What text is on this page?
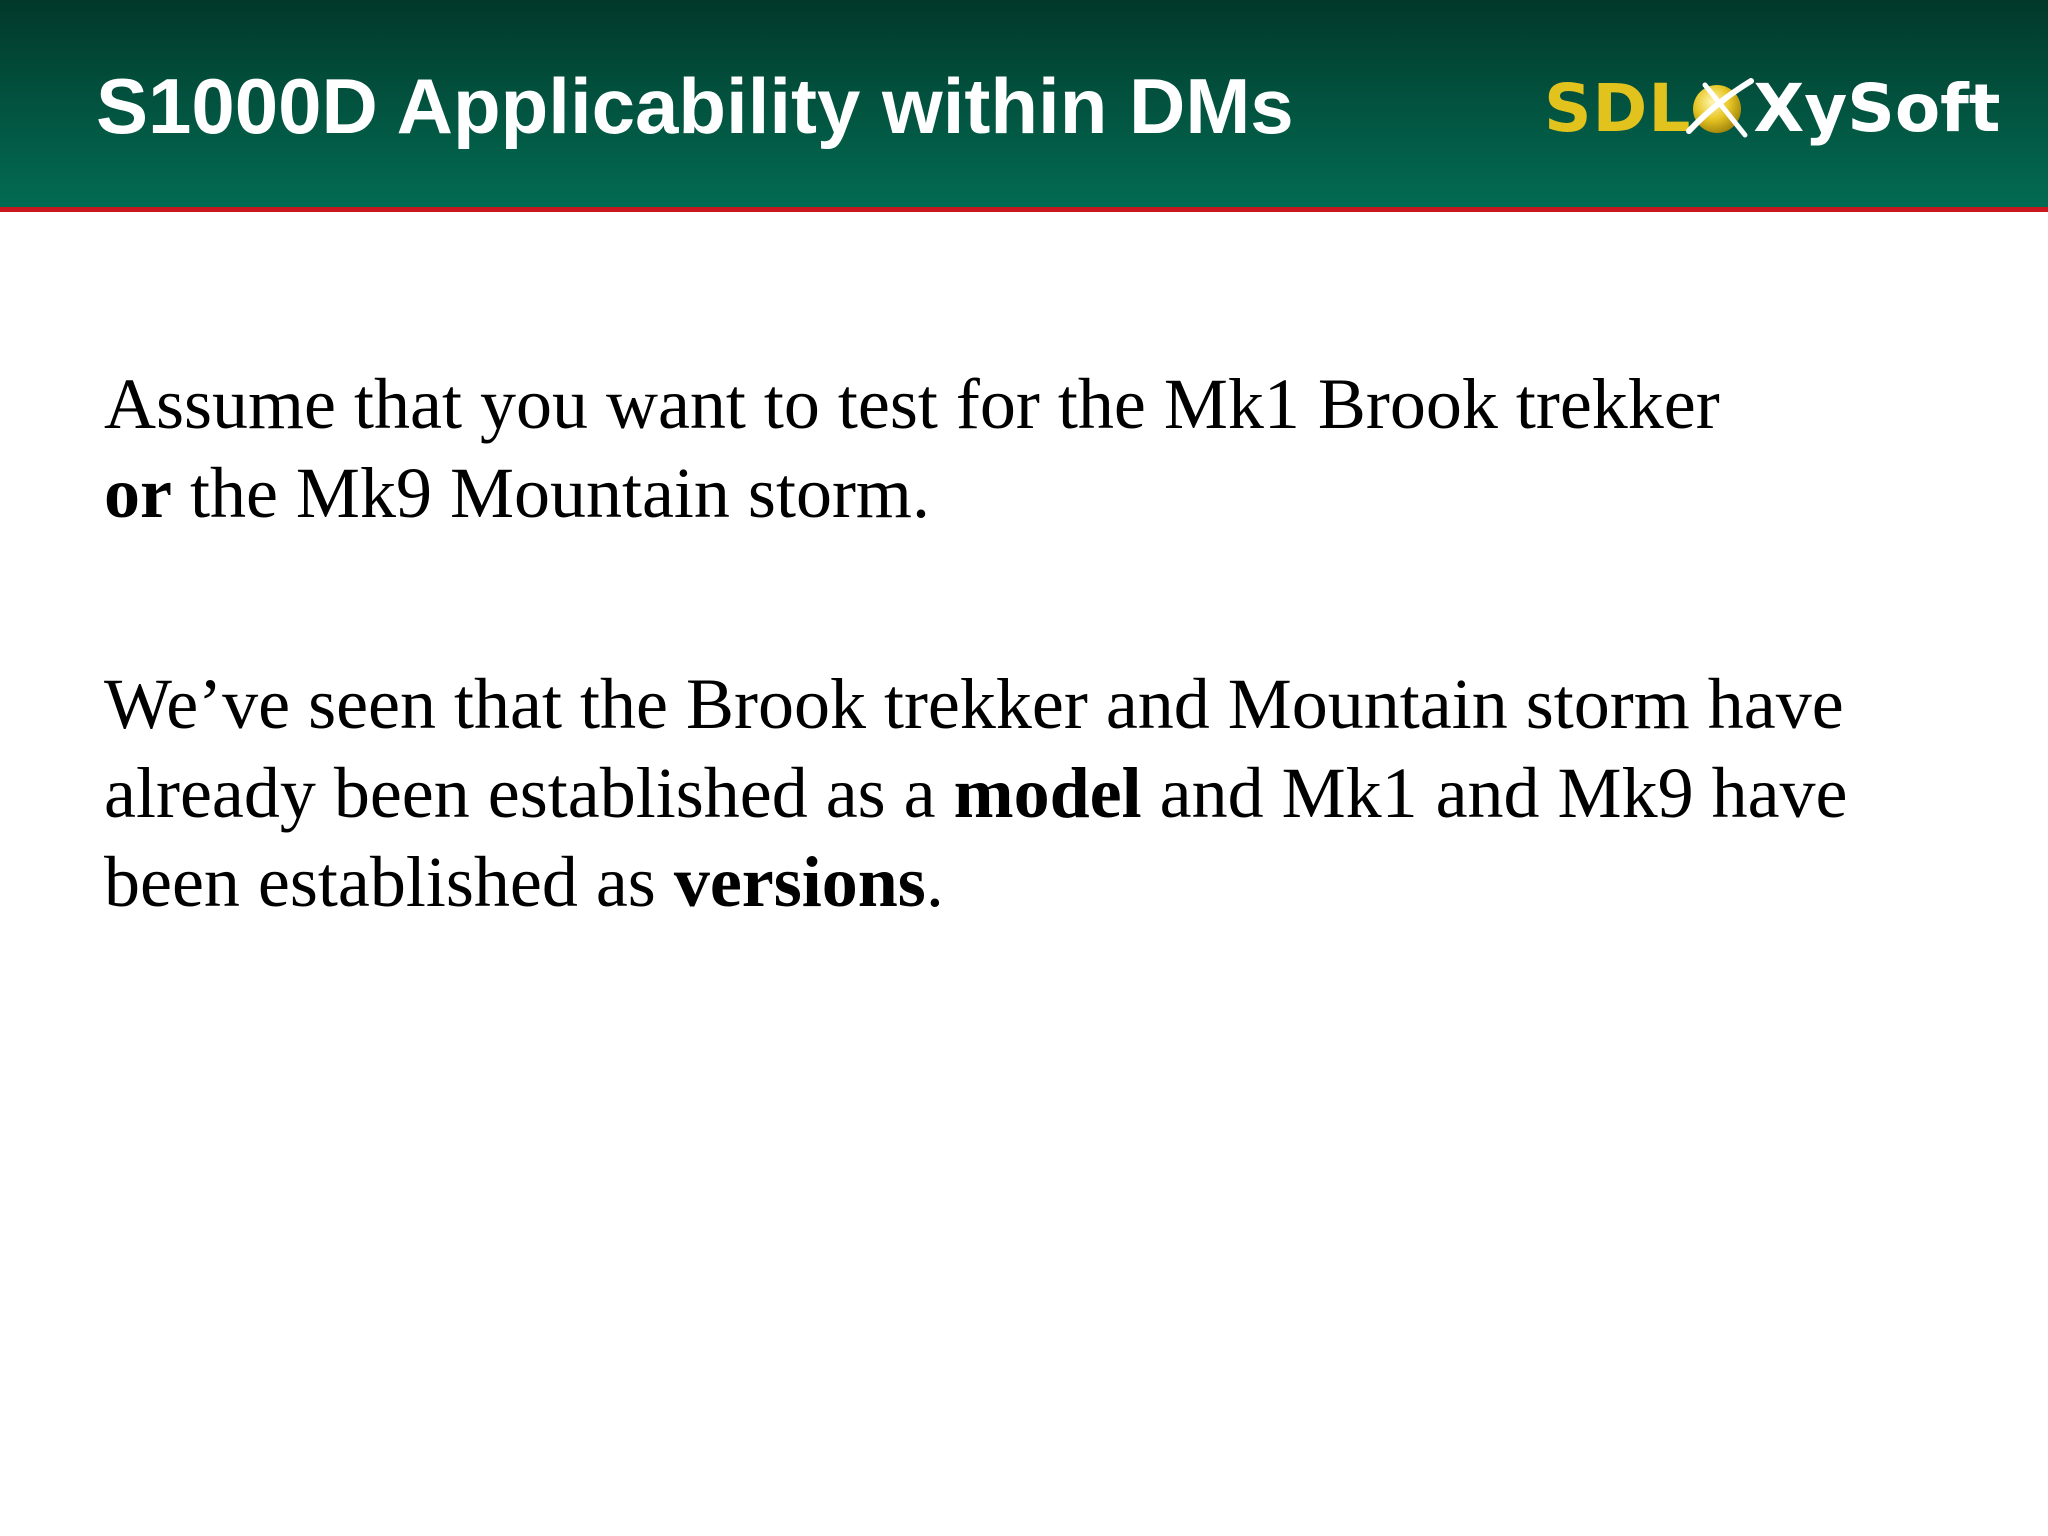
S1000D Applicability within DMs	SDL XySoft

Assume that you want to test for the Mk1 Brook trekker
or the Mk9 Mountain storm.

We’ve seen that the Brook trekker and Mountain storm have already been established as a model and Mk1 and Mk9 have been established as versions.
